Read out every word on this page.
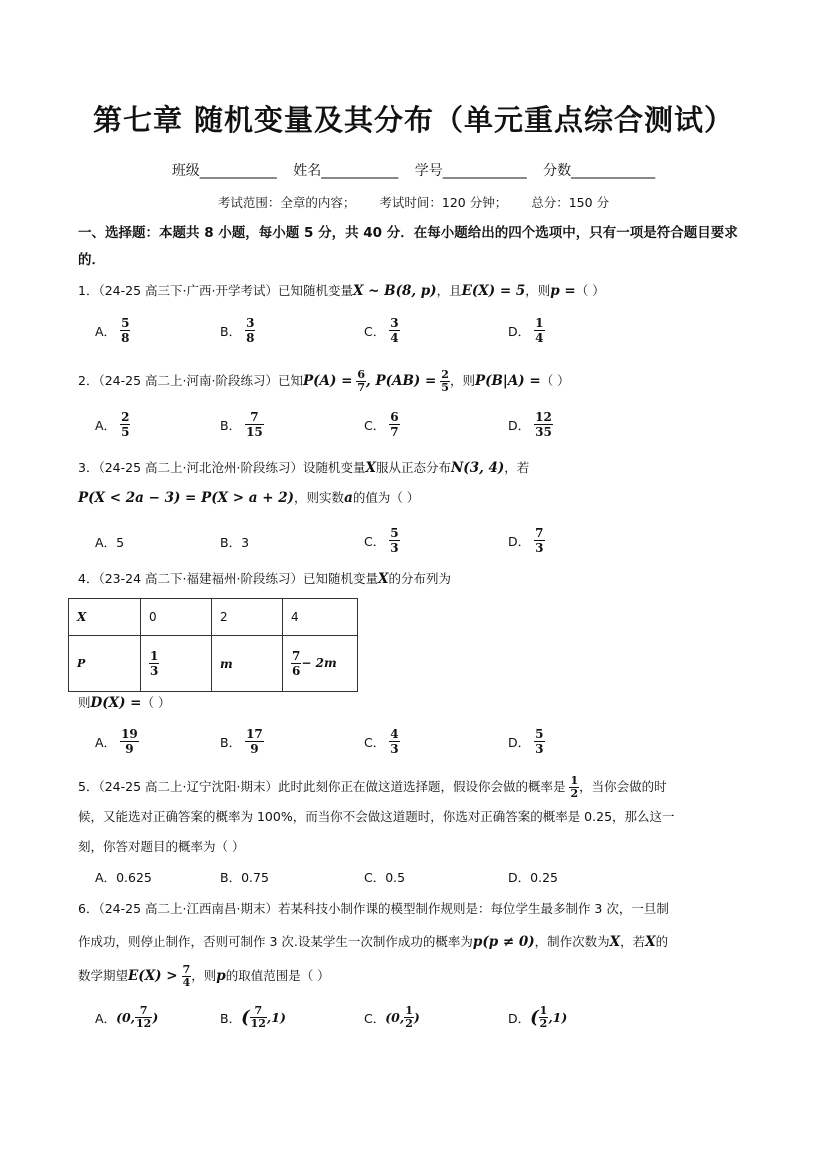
第七章 随机变量及其分布（单元重点综合测试）
班级___________ 姓名___________ 学号____________ 分数____________
考试范围：全章的内容； 考试时间：120 分钟； 总分：150 分
一、选择题：本题共 8 小题，每小题 5 分，共 40 分．在每小题给出的四个选项中，只有一项是符合题目要求的．
1．（24-25 高三下·广西·开学考试）已知随机变量X ~ B(8, p)，且E(X) = 5，则p =（ ）
A． $\frac{5}{8}$	B． $\frac{3}{8}$	C． $\frac{3}{4}$	D． $\frac{1}{4}$
2．（24-25 高二上·河南·阶段练习）已知$P(A) = \frac{6}{7}$ , $P(AB) = \frac{2}{5}$ ，则P(B|A) =（ ）
A． $\frac{2}{5}$	B． $\frac{7}{15}$	C． $\frac{6}{7}$	D． $\frac{12}{35}$
3．（24-25 高二上·河北沧州·阶段练习）设随机变量X服从正态分布N(3, 4)，若
P(X < 2a − 3) = P(X > a + 2)，则实数a的值为（ ）
A．5	B．3	C． $\frac{5}{3}$	D． $\frac{7}{3}$
4．（23-24 高二下·福建福州·阶段练习）已知随机变量X的分布列为
X	0	2	4
P	$\frac{1}{3}$	m	$\frac{7}{6} - 2m$
则D(X) =（ ）
A． $\frac{19}{9}$	B． $\frac{17}{9}$	C． $\frac{4}{3}$	D． $\frac{5}{3}$
5．（24-25 高二上·辽宁沈阳·期末）此时此刻你正在做这道选择题，假设你会做的概率是 $\frac{1}{2}$ ，当你会做的时
候，又能选对正确答案的概率为 100%，而当你不会做这道题时，你选对正确答案的概率是 0.25，那么这一
刻，你答对题目的概率为（ ）
A．0.625	B．0.75	C．0.5	D．0.25
6．（24-25 高二上·江西南昌·期末）若某科技小制作课的模型制作规则是：每位学生最多制作 3 次，一旦制
作成功，则停止制作，否则可制作 3 次.设某学生一次制作成功的概率为p(p ≠ 0)，制作次数为X，若X的
数学期望$E(X) > \frac{7}{4}$ ，则p的取值范围是（ ）
A．(0, $\frac{7}{12}$ )	B．( $\frac{7}{12} ,1$)	C．(0, $\frac{1}{2}$ )	D．( $\frac{1}{2} ,1$)
